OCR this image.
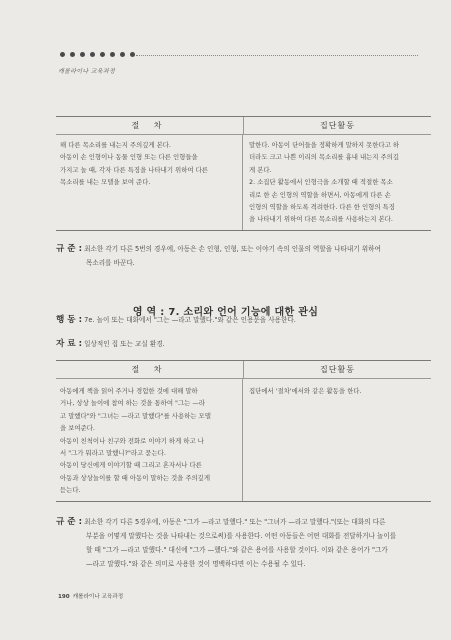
캐롤라이나 교육과정
절 차	집단활동

해 다른 목소리를 내는지 주의깊게 본다.

아동이 손 인형이나 동물 인형 또는 다른 인형들을

가지고 놀 때, 각자 다른 특징을 나타내기 위하여 다른

목소리를 내는 모델을 보여 준다.

말한다. 아동이 단어들을 정확하게 말하지 못한다고 하

더라도 크고 나쁜 이리의 목소리를 흉내 내는지 주의깊

게 본다.

2. 소집단 활동에서 인형극을 소개할 때 적절한 목소

리로 한 손 인형의 역할을 하면서, 아동에게 다른 손

인형의 역할을 하도록 격려한다. 다른 한 인형의 특징

을 나타내기 위하여 다른 목소리를 사용하는지 본다.

규 준 : 최소한 각기 다른 5번의 경우에, 아동은 손 인형, 인형, 또는 이야기 속의 인물의 역할을 나타내기 위하여
목소리를 바꾼다.
영 역 : 7. 소리와 언어 기능에 대한 관심
행 동 : 7e. 놀이 또는 대화에서 "그는 —라고 말했다."와 같은 인용문을 사용한다.
자 료 : 일상적인 집 또는 교실 환경.
절 차	집단활동

아동에게 책을 읽어 주거나 경험한 것에 대해 말하

거나, 상상 놀이에 참여 하는 것을 통하여 "그는 —라

고 말했다"와 "그녀는 —라고 말했다"를 사용하는 모델

을 보여준다.

아동이 친척이나 친구와 전화로 이야기 하게 하고 나

서 "그가 뭐라고 말했니?"라고 묻는다.

아동이 당신에게 이야기할 때 그리고 혼자서나 다른

아동과 상상놀이를 할 때 아동이 말하는 것을 주의깊게

듣는다.

집단에서 '절차'에서와 같은 활동을 한다.

규 준 : 최소한 각기 다른 5경우에, 아동은 "그가 —라고 말했다." 또는 "그녀가 —라고 말했다."(또는 대화의 다른
부분을 어떻게 말했다는 것을 나타내는 것으로써)를 사용한다. 어떤 아동들은 어떤 대화를 전달하거나 놀이를
할 때 "그가 —라고 말했다." 대신에 "그가 —했다."와 같은 용어를 사용할 것이다. 이와 같은 용어가 "그가
—라고 말했다."와 같은 의미로 사용한 것이 명백하다면 이는 수용될 수 있다.
190 캐롤라이나 교육과정
